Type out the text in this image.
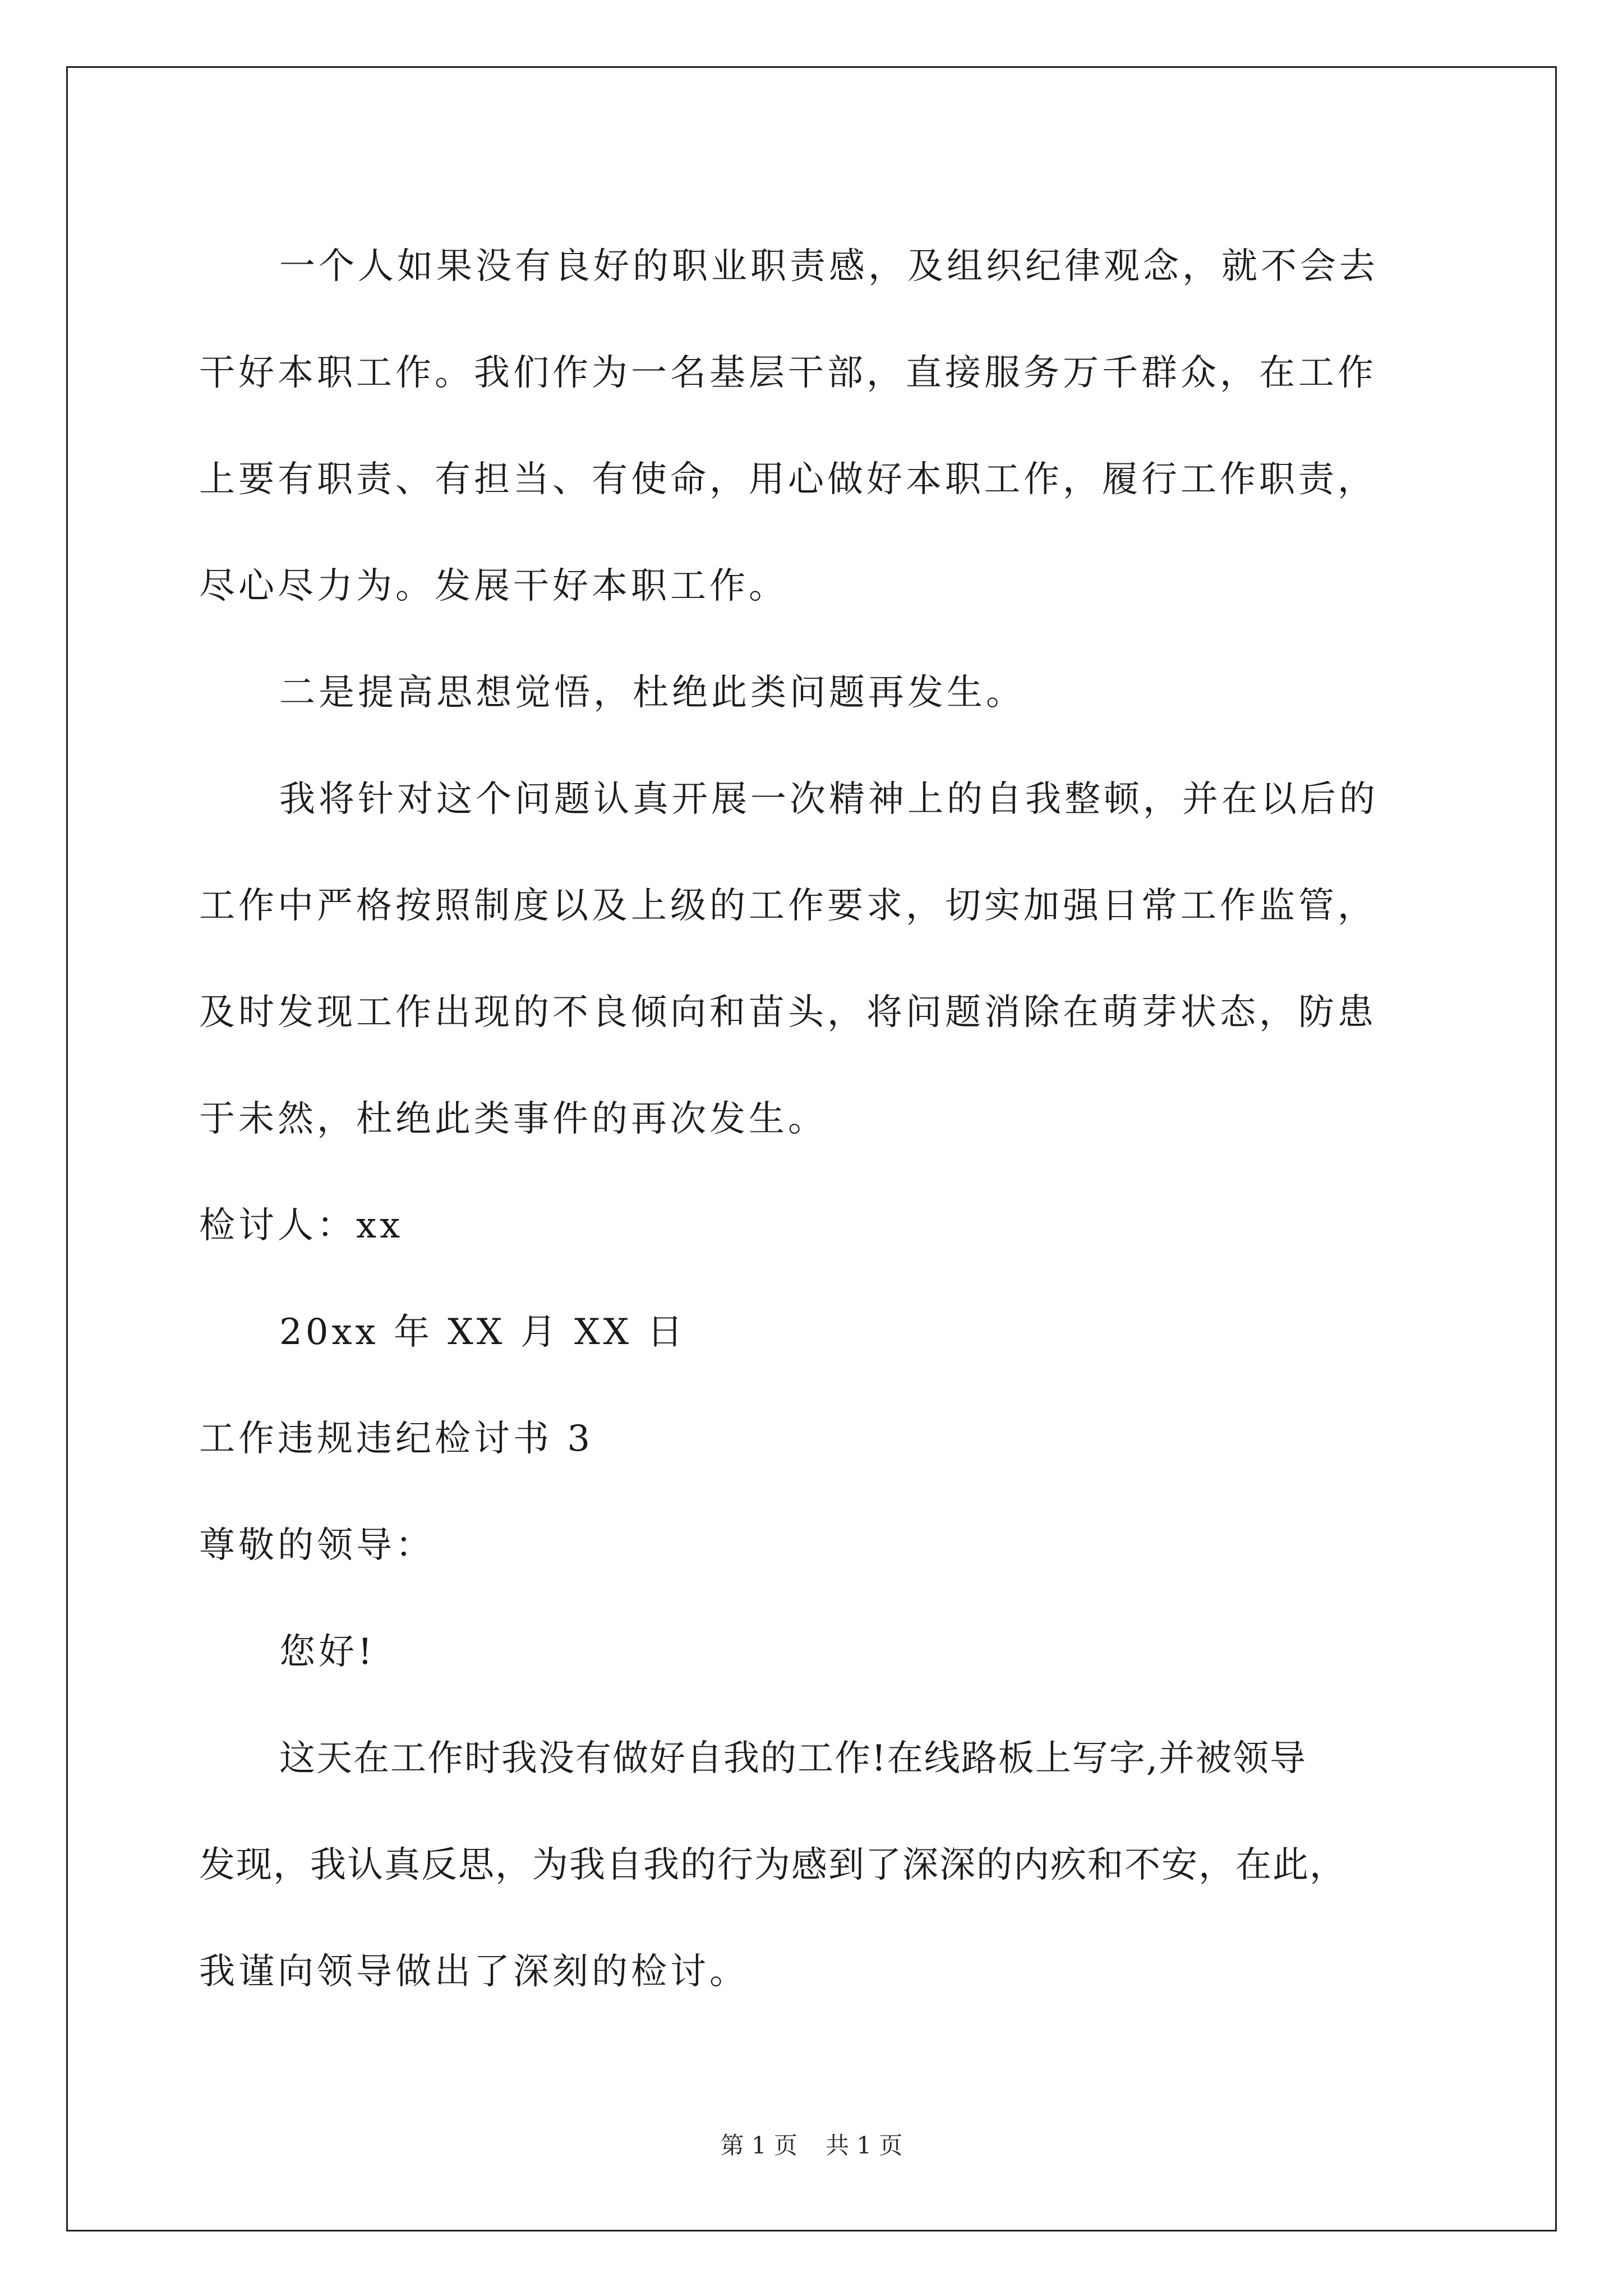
一个人如果没有良好的职业职责感，及组织纪律观念，就不会去
干好本职工作。我们作为一名基层干部，直接服务万千群众，在工作
上要有职责、有担当、有使命，用心做好本职工作，履行工作职责，
尽心尽力为。发展干好本职工作。
二是提高思想觉悟，杜绝此类问题再发生。
我将针对这个问题认真开展一次精神上的自我整顿，并在以后的
工作中严格按照制度以及上级的工作要求，切实加强日常工作监管，
及时发现工作出现的不良倾向和苗头，将问题消除在萌芽状态，防患
于未然，杜绝此类事件的再次发生。
检讨人：xx
20xx 年 XX 月 XX 日
工作违规违纪检讨书 3
尊敬的领导：
您好!
这天在工作时我没有做好自我的工作!在线路板上写字,并被领导
发现，我认真反思，为我自我的行为感到了深深的内疚和不安，在此，
我谨向领导做出了深刻的检讨。
第 1 页 共 1 页
